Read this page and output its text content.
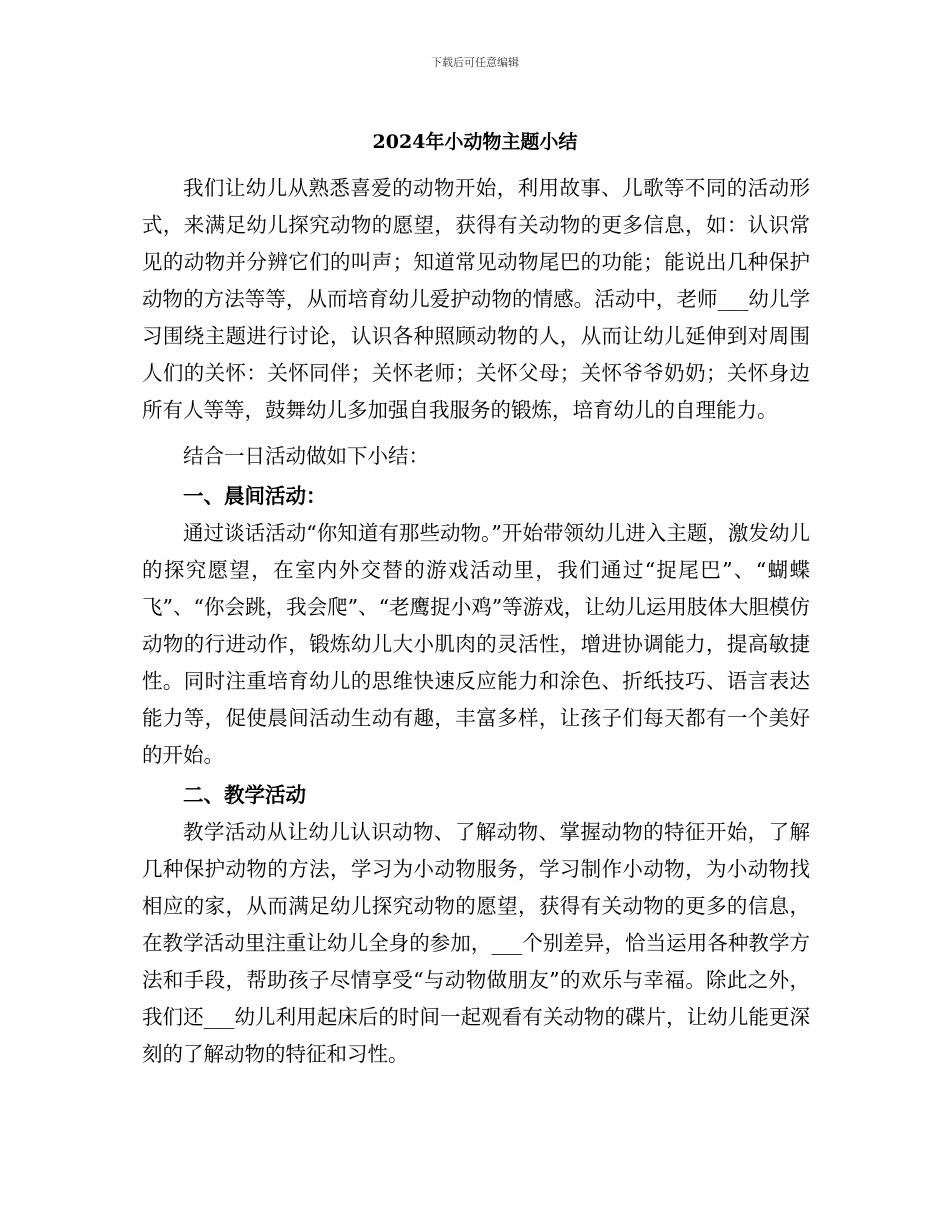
下载后可任意编辑
2024年小动物主题小结

我们让幼儿从熟悉喜爱的动物开始，利用故事、儿歌等不同的活动形式，来满足幼儿探究动物的愿望，获得有关动物的更多信息，如：认识常见的动物并分辨它们的叫声；知道常见动物尾巴的功能；能说出几种保护动物的方法等等，从而培育幼儿爱护动物的情感。活动中，老师___幼儿学习围绕主题进行讨论，认识各种照顾动物的人，从而让幼儿延伸到对周围人们的关怀：关怀同伴；关怀老师；关怀父母；关怀爷爷奶奶；关怀身边所有人等等，鼓舞幼儿多加强自我服务的锻炼，培育幼儿的自理能力。

结合一日活动做如下小结：

一、晨间活动：

通过谈话活动“你知道有那些动物。”开始带领幼儿进入主题，激发幼儿的探究愿望，在室内外交替的游戏活动里，我们通过“捉尾巴”、“蝴蝶飞”、“你会跳，我会爬”、“老鹰捉小鸡”等游戏，让幼儿运用肢体大胆模仿动物的行进动作，锻炼幼儿大小肌肉的灵活性，增进协调能力，提高敏捷性。同时注重培育幼儿的思维快速反应能力和涂色、折纸技巧、语言表达能力等，促使晨间活动生动有趣，丰富多样，让孩子们每天都有一个美好的开始。

二、教学活动

教学活动从让幼儿认识动物、了解动物、掌握动物的特征开始，了解几种保护动物的方法，学习为小动物服务，学习制作小动物，为小动物找相应的家，从而满足幼儿探究动物的愿望，获得有关动物的更多的信息，在教学活动里注重让幼儿全身的参加，___个别差异，恰当运用各种教学方法和手段，帮助孩子尽情享受“与动物做朋友”的欢乐与幸福。除此之外，我们还___幼儿利用起床后的时间一起观看有关动物的碟片，让幼儿能更深刻的了解动物的特征和习性。
